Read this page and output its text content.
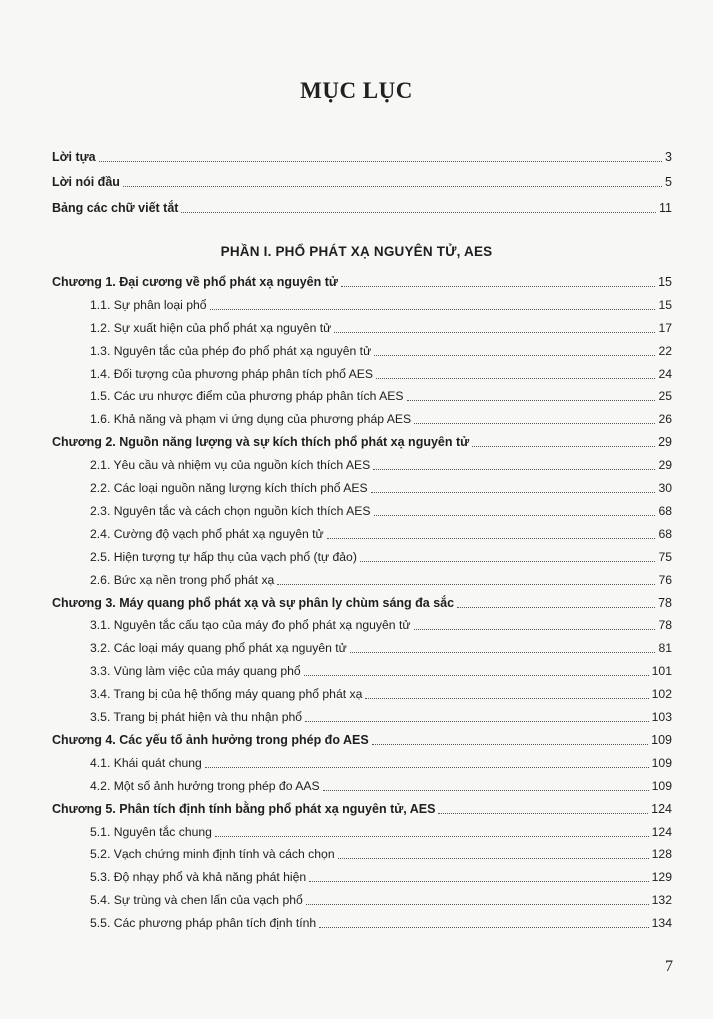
MỤC LỤC
Lời tựa	3
Lời nói đầu	5
Bảng các chữ viết tắt	11
Chương 1. Đại cương về phổ phát xạ nguyên tử	15
1.1. Sự phân loại phổ	15
1.2. Sự xuất hiện của phổ phát xạ nguyên tử	17
1.3. Nguyên tắc của phép đo phổ phát xạ nguyên tử	22
1.4. Đối tượng của phương pháp phân tích phổ AES	24
1.5. Các ưu nhược điểm của phương pháp phân tích AES	25
1.6. Khả năng và phạm vi ứng dụng của phương pháp AES	26
Chương 2. Nguồn năng lượng và sự kích thích phổ phát xạ nguyên tử	29
2.1. Yêu cầu và nhiệm vụ của nguồn kích thích AES	29
2.2. Các loại nguồn năng lượng kích thích phổ AES	30
2.3. Nguyên tắc và cách chọn nguồn kích thích AES	68
2.4. Cường độ vạch phổ phát xạ nguyên tử	68
2.5. Hiện tượng tự hấp thụ của vạch phổ (tự đảo)	75
2.6. Bức xạ nền trong phổ phát xạ	76
Chương 3. Máy quang phổ phát xạ và sự phân ly chùm sáng đa sắc	78
3.1. Nguyên tắc cấu tạo của máy đo phổ phát xạ nguyên tử	78
3.2. Các loại máy quang phổ phát xạ nguyên tử	81
3.3. Vùng làm việc của máy quang phổ	101
3.4. Trang bị của hệ thống máy quang phổ phát xạ	102
3.5. Trang bị phát hiện và thu nhận phổ	103
Chương 4. Các yếu tố ảnh hưởng trong phép đo AES	109
4.1. Khái quát chung	109
4.2. Một số ảnh hưởng trong phép đo AAS	109
Chương 5. Phân tích định tính bằng phổ phát xạ nguyên tử, AES	124
5.1. Nguyên tắc chung	124
5.2. Vạch chứng minh định tính và cách chọn	128
5.3. Độ nhạy phổ và khả năng phát hiện	129
5.4. Sự trùng và chen lấn của vạch phổ	132
5.5. Các phương pháp phân tích định tính	134
PHẦN I. PHỔ PHÁT XẠ NGUYÊN TỬ, AES
7
